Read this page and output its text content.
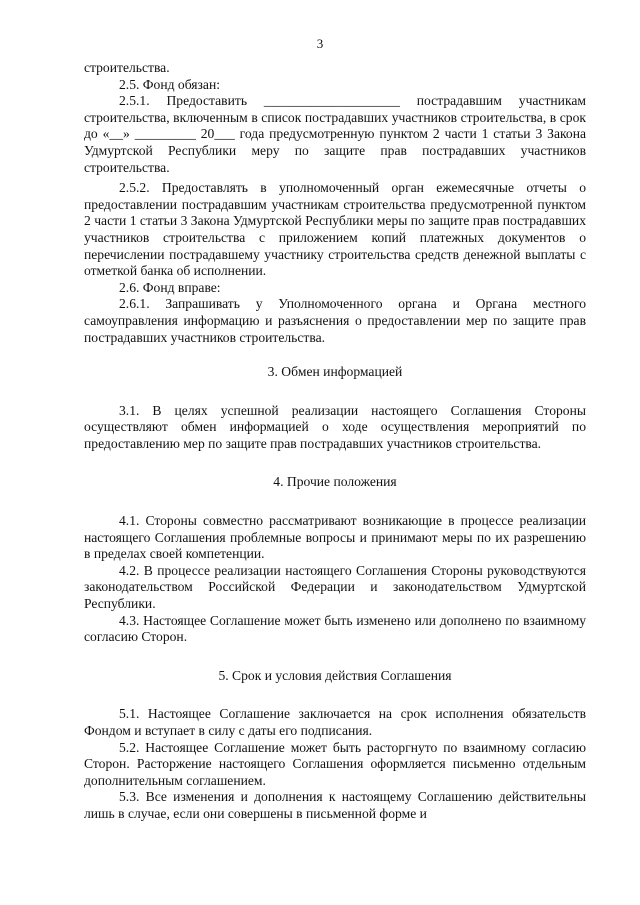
3

строительства.

2.5. Фонд обязан:

2.5.1. Предоставить ____________________ пострадавшим участникам строительства, включенным в список пострадавших участников строительства, в срок до «__» _________ 20___ года предусмотренную пунктом 2 части 1 статьи 3 Закона Удмуртской Республики меру по защите прав пострадавших участников строительства.

2.5.2. Предоставлять в уполномоченный орган ежемесячные отчеты о предоставлении пострадавшим участникам строительства предусмотренной пунктом 2 части 1 статьи 3 Закона Удмуртской Республики меры по защите прав пострадавших участников строительства с приложением копий платежных документов о перечислении пострадавшему участнику строительства средств денежной выплаты с отметкой банка об исполнении.

2.6. Фонд вправе:

2.6.1. Запрашивать у Уполномоченного органа и Органа местного самоуправления информацию и разъяснения о предоставлении мер по защите прав пострадавших участников строительства.

3. Обмен информацией

3.1. В целях успешной реализации настоящего Соглашения Стороны осуществляют обмен информацией о ходе осуществления мероприятий по предоставлению мер по защите прав пострадавших участников строительства.

4. Прочие положения

4.1. Стороны совместно рассматривают возникающие в процессе реализации настоящего Соглашения проблемные вопросы и принимают меры по их разрешению в пределах своей компетенции.

4.2. В процессе реализации настоящего Соглашения Стороны руководствуются законодательством Российской Федерации и законодательством Удмуртской Республики.

4.3. Настоящее Соглашение может быть изменено или дополнено по взаимному согласию Сторон.

5. Срок и условия действия Соглашения

5.1. Настоящее Соглашение заключается на срок исполнения обязательств Фондом и вступает в силу с даты его подписания.

5.2. Настоящее Соглашение может быть расторгнуто по взаимному согласию Сторон. Расторжение настоящего Соглашения оформляется письменно отдельным дополнительным соглашением.

5.3. Все изменения и дополнения к настоящему Соглашению действительны лишь в случае, если они совершены в письменной форме и
